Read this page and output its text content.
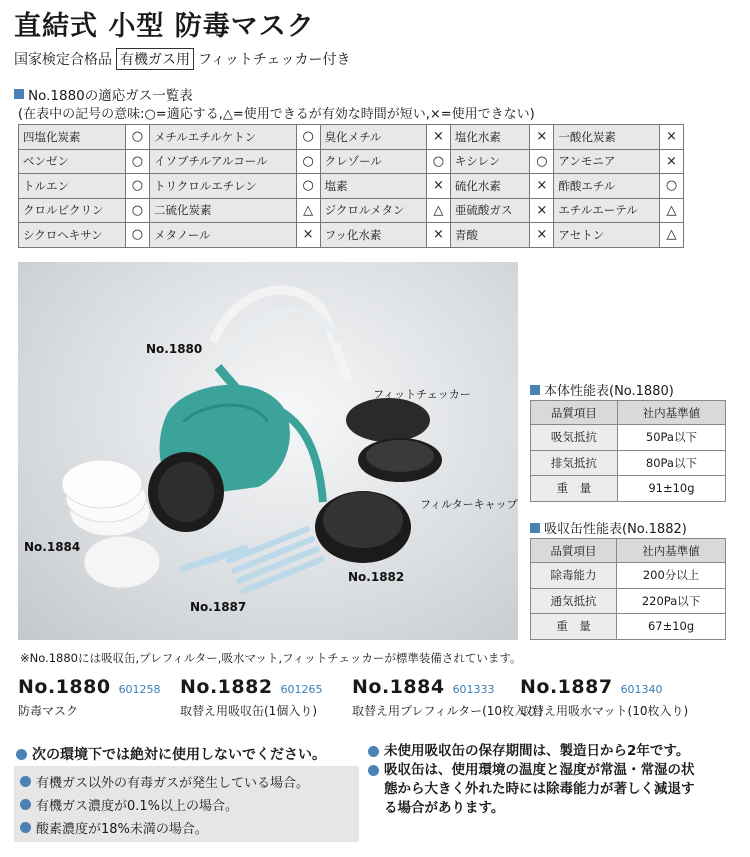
直結式 小型 防毒マスク
国家検定合格品 有機ガス用 フィットチェッカー付き
No.1880の適応ガス一覧表
(在表中の記号の意味:○=適応する,△=使用できるが有効な時間が短い,×=使用できない)
四塩化炭素	○	メチルエチルケトン	○	臭化メチル	×	塩化水素	×	一酸化炭素	×
ベンゼン	○	イソブチルアルコール	○	クレゾール	○	キシレン	○	アンモニア	×
トルエン	○	トリクロルエチレン	○	塩素	×	硫化水素	×	酢酸エチル	○
クロルピクリン	○	二硫化炭素	△	ジクロルメタン	△	亜硫酸ガス	×	エチルエーテル	△
シクロヘキサン	○	メタノール	×	フッ化水素	×	青酸	×	アセトン	△
No.1880
フィットチェッカー
フィルターキャップ
No.1884
No.1882
No.1887
本体性能表(No.1880)
品質項目	社内基準値
吸気抵抗	50Pa以下
排気抵抗	80Pa以下
重　量	91±10g
吸収缶性能表(No.1882)
品質項目	社内基準値
除毒能力	200分以上
通気抵抗	220Pa以下
重　量	67±10g
※No.1880には吸収缶,プレフィルター,吸水マット,フィットチェッカーが標準装備されています。
No.1880 601258
防毒マスク
No.1882 601265
取替え用吸収缶(1個入り)
No.1884 601333
取替え用プレフィルター(10枚入り)
No.1887 601340
取替え用吸水マット(10枚入り)
次の環境下では絶対に使用しないでください。
有機ガス以外の有毒ガスが発生している場合。
有機ガス濃度が0.1%以上の場合。
酸素濃度が18%未満の場合。
未使用吸収缶の保存期間は、製造日から2年です。
吸収缶は、使用環境の温度と湿度が常温・常湿の状態から大きく外れた時には除毒能力が著しく減退する場合があります。
